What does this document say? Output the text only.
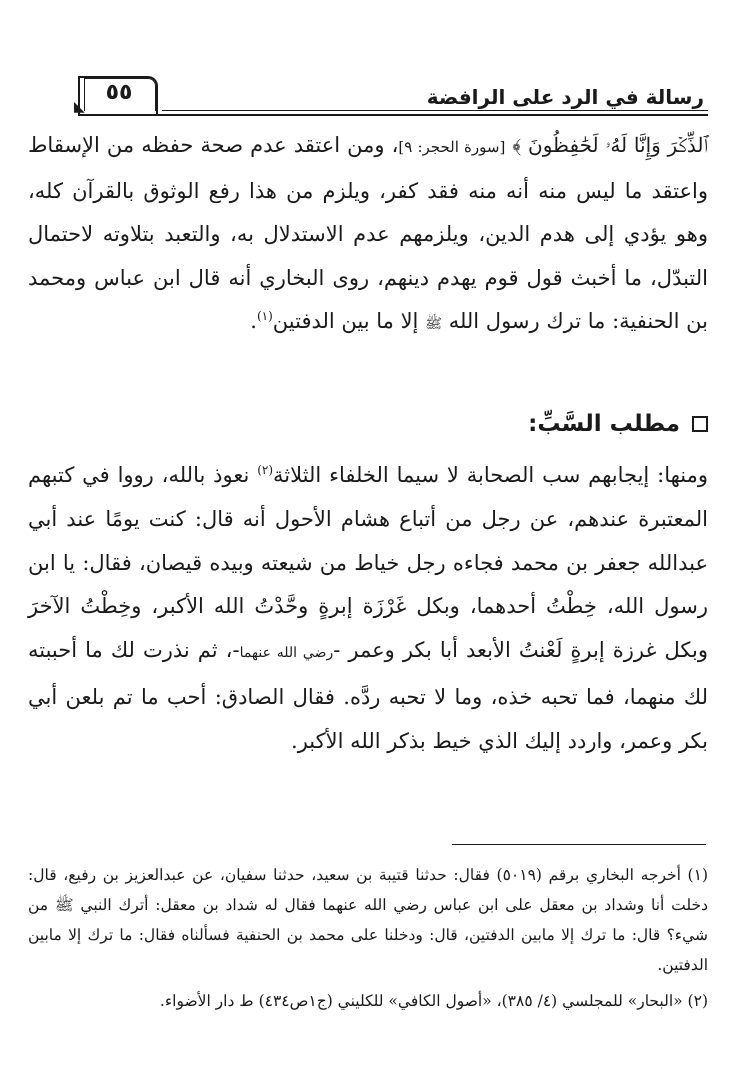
◣
٥٥	رسالة في الرد على الرافضة

ٱلذِّكۡرَ وَإِنَّا لَهُۥ لَحَٰفِظُونَ ﴾ [سورة الحجر: ٩]، ومن اعتقد عدم صحة حفظه من الإسقاط واعتقد ما ليس منه أنه منه فقد كفر، ويلزم من هذا رفع الوثوق بالقرآن كله، وهو يؤدي إلى هدم الدين، ويلزمهم عدم الاستدلال به، والتعبد بتلاوته لاحتمال التبدّل، ما أخبث قول قوم يهدم دينهم، روى البخاري أنه قال ابن عباس ومحمد بن الحنفية: ما ترك رسول الله ﷺ إلا ما بين الدفتين$^{(١)}$.

مطلب السَّبِّ:

ومنها: إيجابهم سب الصحابة لا سيما الخلفاء الثلاثة$^{(٢)}$ نعوذ بالله، رووا في كتبهم المعتبرة عندهم، عن رجل من أتباع هشام الأحول أنه قال: كنت يومًا عند أبي عبدالله جعفر بن محمد فجاءه رجل خياط من شيعته وبيده قيصان، فقال: يا ابن رسول الله، خِطْتُ أحدهما، وبكل غَرْزَة إبرةٍ وحَّدْتُ الله الأكبر، وخِطْتُ الآخرَ وبكل غرزة إبرةٍ لَعْنتُ الأبعد أبا بكر وعمر -رضي الله عنهما-، ثم نذرت لك ما أحببته لك منهما، فما تحبه خذه، وما لا تحبه ردَّه. فقال الصادق: أحب ما تم بلعن أبي بكر وعمر، واردد إليك الذي خيط بذكر الله الأكبر.

(١) أخرجه البخاري برقم (٥٠١٩) فقال: حدثنا قتيبة بن سعيد، حدثنا سفيان، عن عبدالعزيز بن رفيع، قال: دخلت أنا وشداد بن معقل على ابن عباس رضي الله عنهما فقال له شداد بن معقل: أترك النبي ﷺ من شيء؟ قال: ما ترك إلا مابين الدفتين، قال: ودخلنا على محمد بن الحنفية فسألناه فقال: ما ترك إلا مابين الدفتين.

(٢) «البحار» للمجلسي (٤/ ٣٨٥)، «أصول الكافي» للكليني (ج١ص٤٣٤) ط دار الأضواء.
